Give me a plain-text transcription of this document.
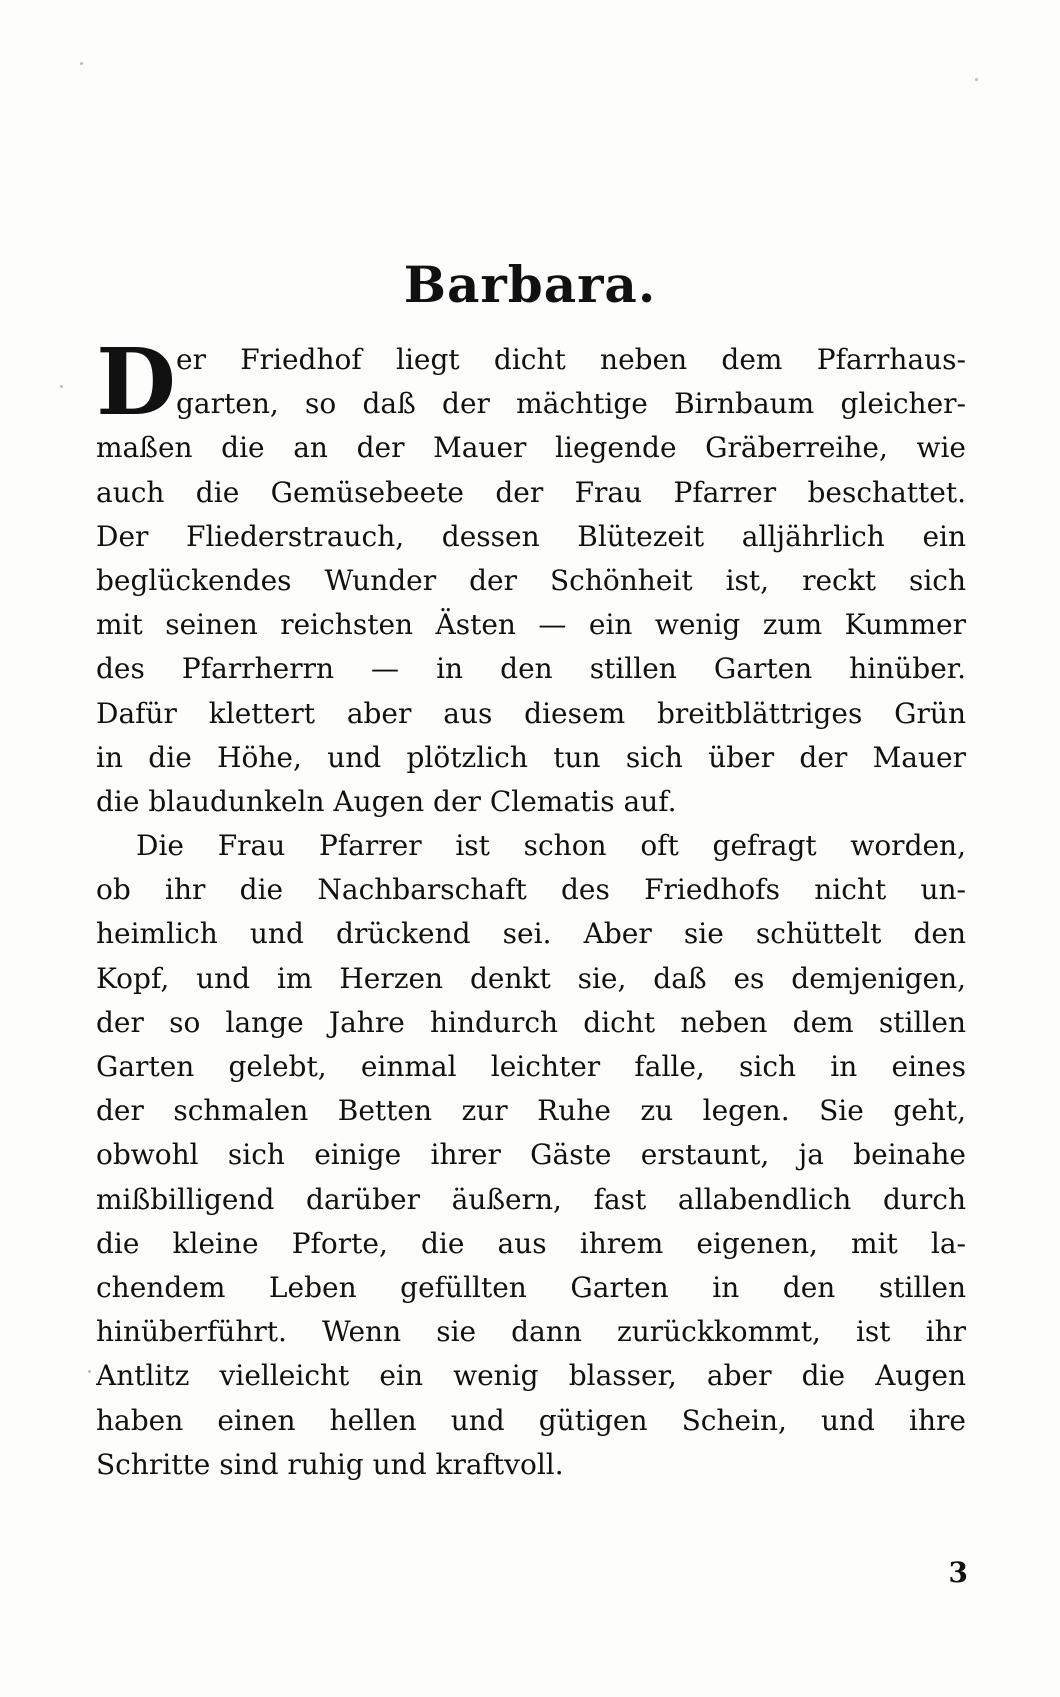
Barbara.
D er Friedhof liegt dicht neben dem Pfarrhaus-
garten, so daß der mächtige Birnbaum gleicher-
maßen die an der Mauer liegende Gräberreihe, wie
auch die Gemüsebeete der Frau Pfarrer beschattet.
Der Fliederstrauch, dessen Blütezeit alljährlich ein
beglückendes Wunder der Schönheit ist, reckt sich
mit seinen reichsten Ästen — ein wenig zum Kummer
des Pfarrherrn — in den stillen Garten hinüber.
Dafür klettert aber aus diesem breitblättriges Grün
in die Höhe, und plötzlich tun sich über der Mauer
die blaudunkeln Augen der Clematis auf.
Die Frau Pfarrer ist schon oft gefragt worden,
ob ihr die Nachbarschaft des Friedhofs nicht un-
heimlich und drückend sei. Aber sie schüttelt den
Kopf, und im Herzen denkt sie, daß es demjenigen,
der so lange Jahre hindurch dicht neben dem stillen
Garten gelebt, einmal leichter falle, sich in eines
der schmalen Betten zur Ruhe zu legen. Sie geht,
obwohl sich einige ihrer Gäste erstaunt, ja beinahe
mißbilligend darüber äußern, fast allabendlich durch
die kleine Pforte, die aus ihrem eigenen, mit la-
chendem Leben gefüllten Garten in den stillen
hinüberführt. Wenn sie dann zurückkommt, ist ihr
Antlitz vielleicht ein wenig blasser, aber die Augen
haben einen hellen und gütigen Schein, und ihre
Schritte sind ruhig und kraftvoll.
3
